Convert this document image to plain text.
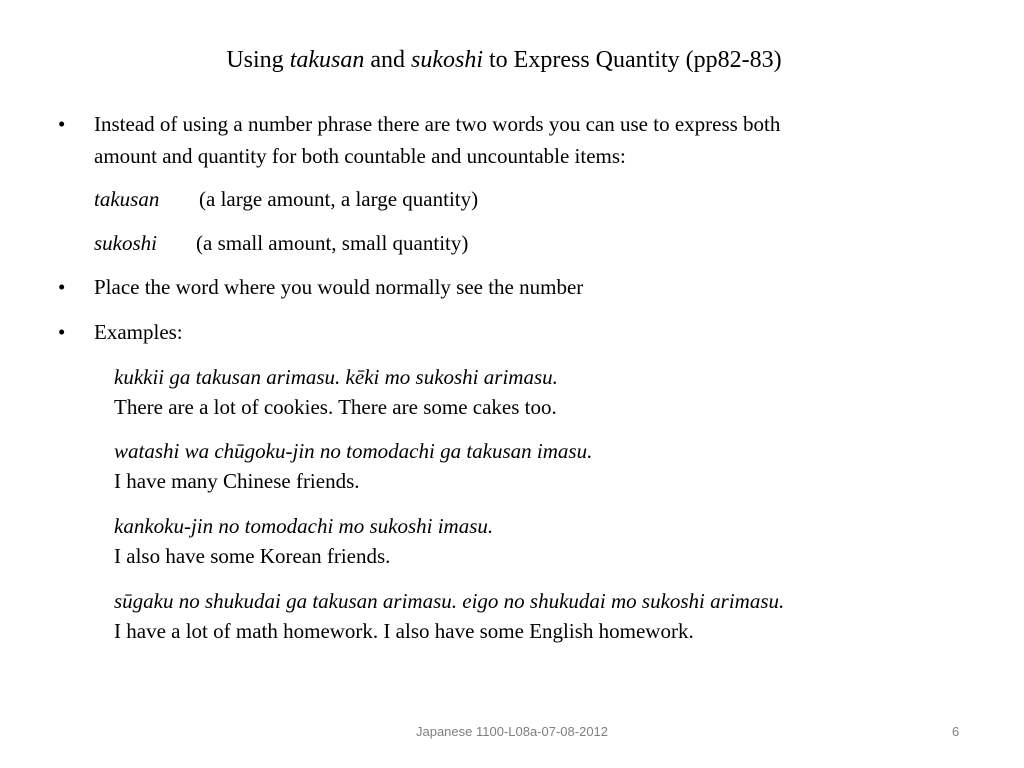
Using takusan and sukoshi to Express Quantity (pp82-83)
•	Instead of using a number phrase there are two words you can use to express both
amount and quantity for both countable and uncountable items:
takusan (a large amount, a large quantity)
sukoshi (a small amount, small quantity)
•	Place the word where you would normally see the number
•	Examples:
kukkii ga takusan arimasu. kēki mo sukoshi arimasu.
There are a lot of cookies. There are some cakes too.
watashi wa chūgoku-jin no tomodachi ga takusan imasu.
I have many Chinese friends.
kankoku-jin no tomodachi mo sukoshi imasu.
I also have some Korean friends.
sūgaku no shukudai ga takusan arimasu. eigo no shukudai mo sukoshi arimasu.
I have a lot of math homework. I also have some English homework.
Japanese 1100-L08a-07-08-2012	6
